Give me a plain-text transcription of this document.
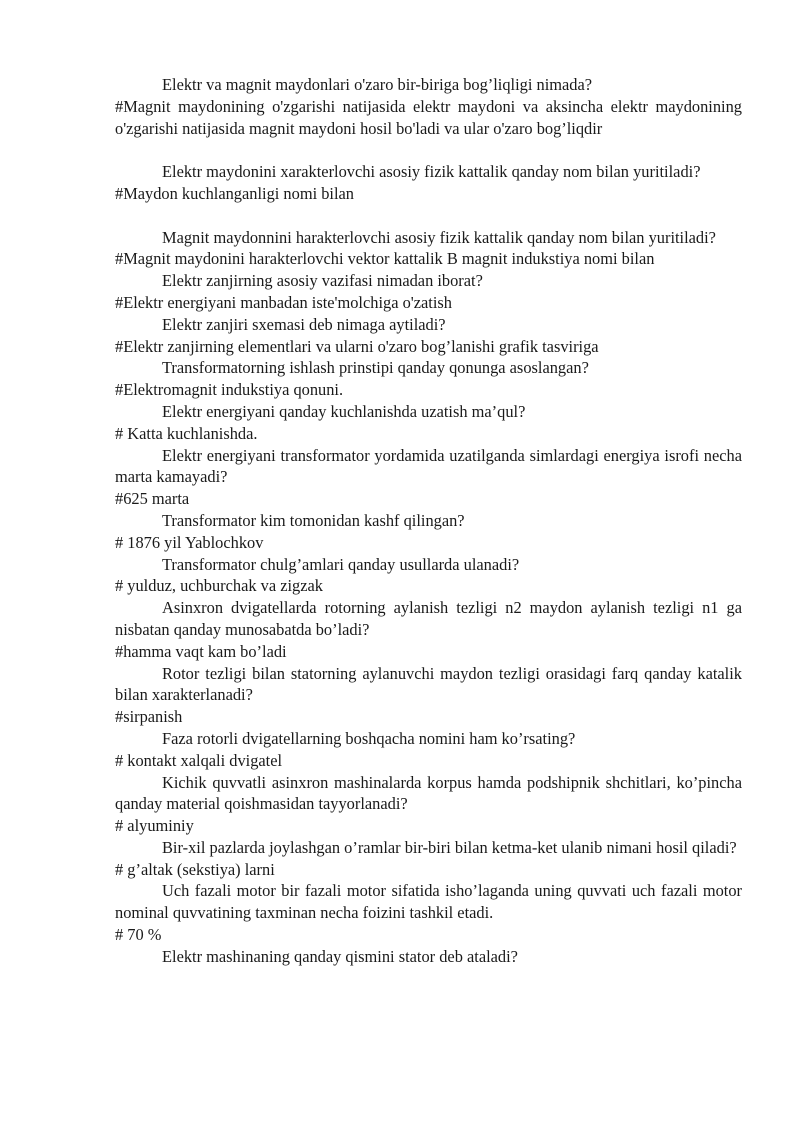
Elektr va magnit maydonlari o'zaro bir-biriga bog’liqligi nimada?

#Magnit maydonining o'zgarishi natijasida elektr maydoni va aksincha elektr maydonining o'zgarishi natijasida magnit maydoni hosil bo'ladi va ular o'zaro bog’liqdir

Elektr maydonini xarakterlovchi asosiy fizik kattalik qanday nom bilan yuritiladi?

#Maydon kuchlanganligi nomi bilan

Magnit maydonnini harakterlovchi asosiy fizik kattalik qanday nom bilan yuritiladi?

#Magnit maydonini harakterlovchi vektor kattalik B magnit indukstiya nomi bilan

Elektr zanjirning asosiy vazifasi nimadan iborat?

#Elektr energiyani manbadan iste'molchiga o'zatish

Elektr zanjiri sxemasi deb nimaga aytiladi?

#Elektr zanjirning elementlari va ularni o'zaro bog’lanishi grafik tasviriga

Transformatorning ishlash prinstipi qanday qonunga asoslangan?

#Elektromagnit indukstiya qonuni.

Elektr energiyani qanday kuchlanishda uzatish ma’qul?

# Katta kuchlanishda.

Elektr energiyani transformator yordamida uzatilganda simlardagi energiya isrofi necha marta kamayadi?

#625 marta

Transformator kim tomonidan kashf qilingan?

# 1876 yil Yablochkov

Transformator chulg’amlari qanday usullarda ulanadi?

# yulduz, uchburchak va zigzak

Asinxron dvigatellarda rotorning aylanish tezligi n2 maydon aylanish tezligi n1 ga nisbatan qanday munosabatda bo’ladi?

#hamma vaqt kam bo’ladi

Rotor tezligi bilan statorning aylanuvchi maydon tezligi orasidagi farq qanday katalik bilan xarakterlanadi?

#sirpanish

Faza rotorli dvigatellarning boshqacha nomini ham ko’rsating?

# kontakt xalqali dvigatel

Kichik quvvatli asinxron mashinalarda korpus hamda podshipnik shchitlari, ko’pincha qanday material qoishmasidan tayyorlanadi?

# alyuminiy

Bir-xil pazlarda joylashgan o’ramlar bir-biri bilan ketma-ket ulanib nimani hosil qiladi?

# g’altak (sekstiya) larni

Uch fazali motor bir fazali motor sifatida isho’laganda uning quvvati uch fazali motor nominal quvvatining taxminan necha foizini tashkil etadi.

# 70 %

Elektr mashinaning qanday qismini stator deb ataladi?
